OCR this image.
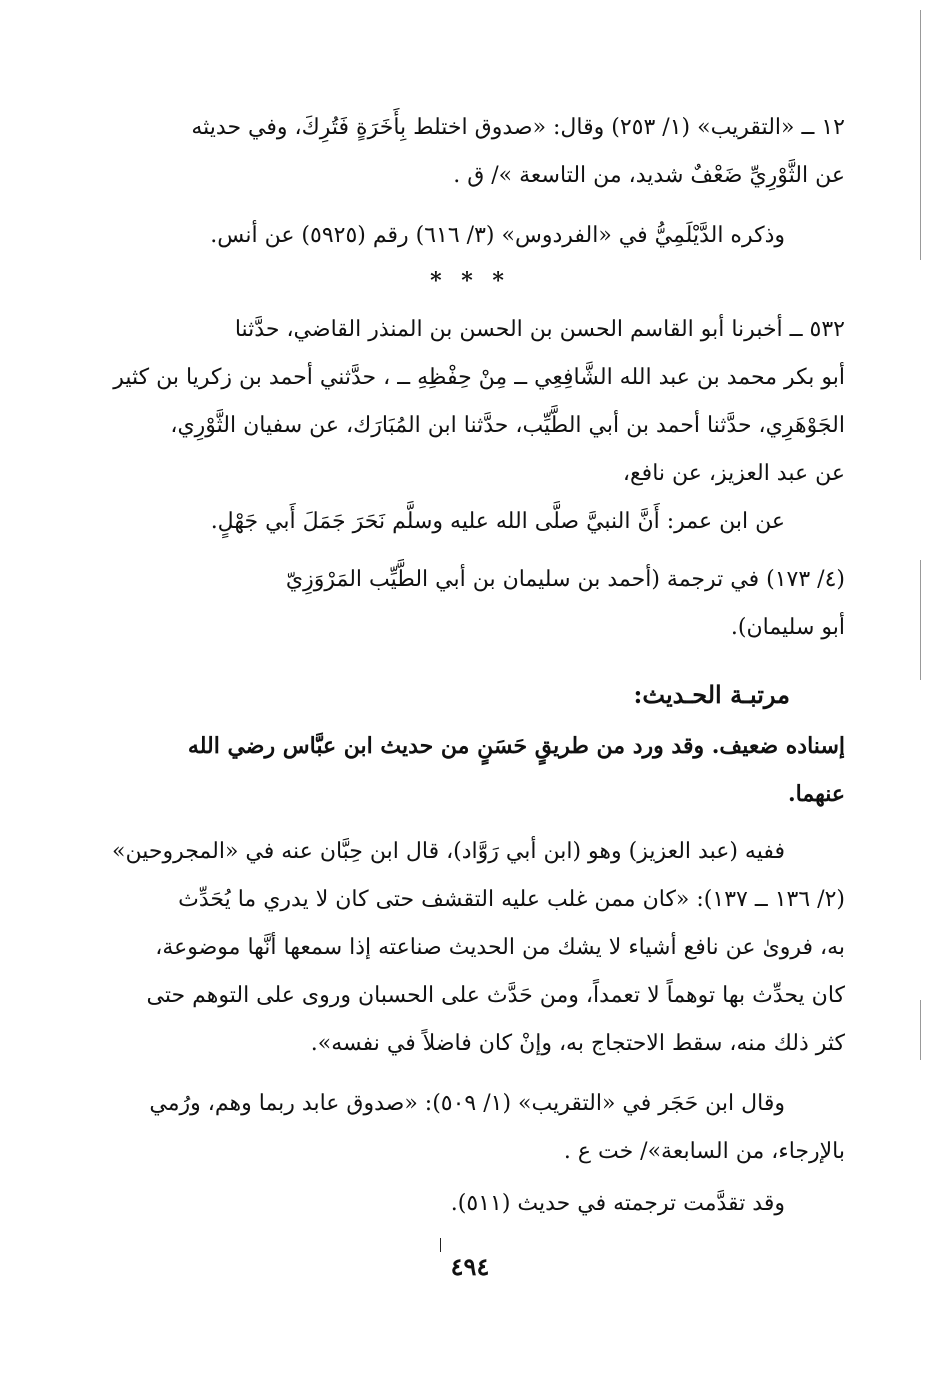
١٢ ــ «التقريب» (١/ ٢٥٣) وقال: «صدوق اختلط بِأَخَرَةٍ فَتُرِكَ، وفي حديثه
عن الثَّوْرِيِّ ضَعْفٌ شديد، من التاسعة »/ ق .
وذكره الدَّيْلَمِيُّ في «الفردوس» (٣/ ٦١٦) رقم (٥٩٢٥) عن أنس.
* * *
٥٣٢ ــ أخبرنا أبو القاسم الحسن بن الحسن بن المنذر القاضي، حدَّثنا
أبو بكر محمد بن عبد الله الشَّافِعِي ــ مِنْ حِفْظِهِ ــ ، حدَّثني أحمد بن زكريا بن كثير
الجَوْهَرِي، حدَّثنا أحمد بن أبي الطَّيِّب، حدَّثنا ابن المُبَارَك، عن سفيان الثَّوْرِي،
عن عبد العزيز، عن نافع،
عن ابن عمر: أَنَّ النبيَّ صلَّى الله عليه وسلَّم نَحَرَ جَمَلَ أَبي جَهْلٍ.
(٤/ ١٧٣) في ترجمة (أحمد بن سليمان بن أبي الطَّيِّب المَرْوَزِيّ
أبو سليمان).
مرتبـة الحـديث:
إسناده ضعيف. وقد ورد من طريقٍ حَسَنٍ من حديث ابن عبَّاس رضي الله
عنهما.
ففيه (عبد العزيز) وهو (ابن أبي رَوَّاد)، قال ابن حِبَّان عنه في «المجروحين»
(٢/ ١٣٦ ــ ١٣٧): «كان ممن غلب عليه التقشف حتى كان لا يدري ما يُحَدِّث
به، فروىٰ عن نافع أشياء لا يشك من الحديث صناعته إذا سمعها أنَّها موضوعة،
كان يحدِّث بها توهماً لا تعمداً، ومن حَدَّث على الحسبان وروى على التوهم حتى
كثر ذلك منه، سقط الاحتجاج به، وإنْ كان فاضلاً في نفسه».
وقال ابن حَجَر في «التقريب» (١/ ٥٠٩): «صدوق عابد ربما وهم، ورُمي
بالإرجاء، من السابعة»/ خت ع .
وقد تقدَّمت ترجمته في حديث (٥١١).
٤٩٤
